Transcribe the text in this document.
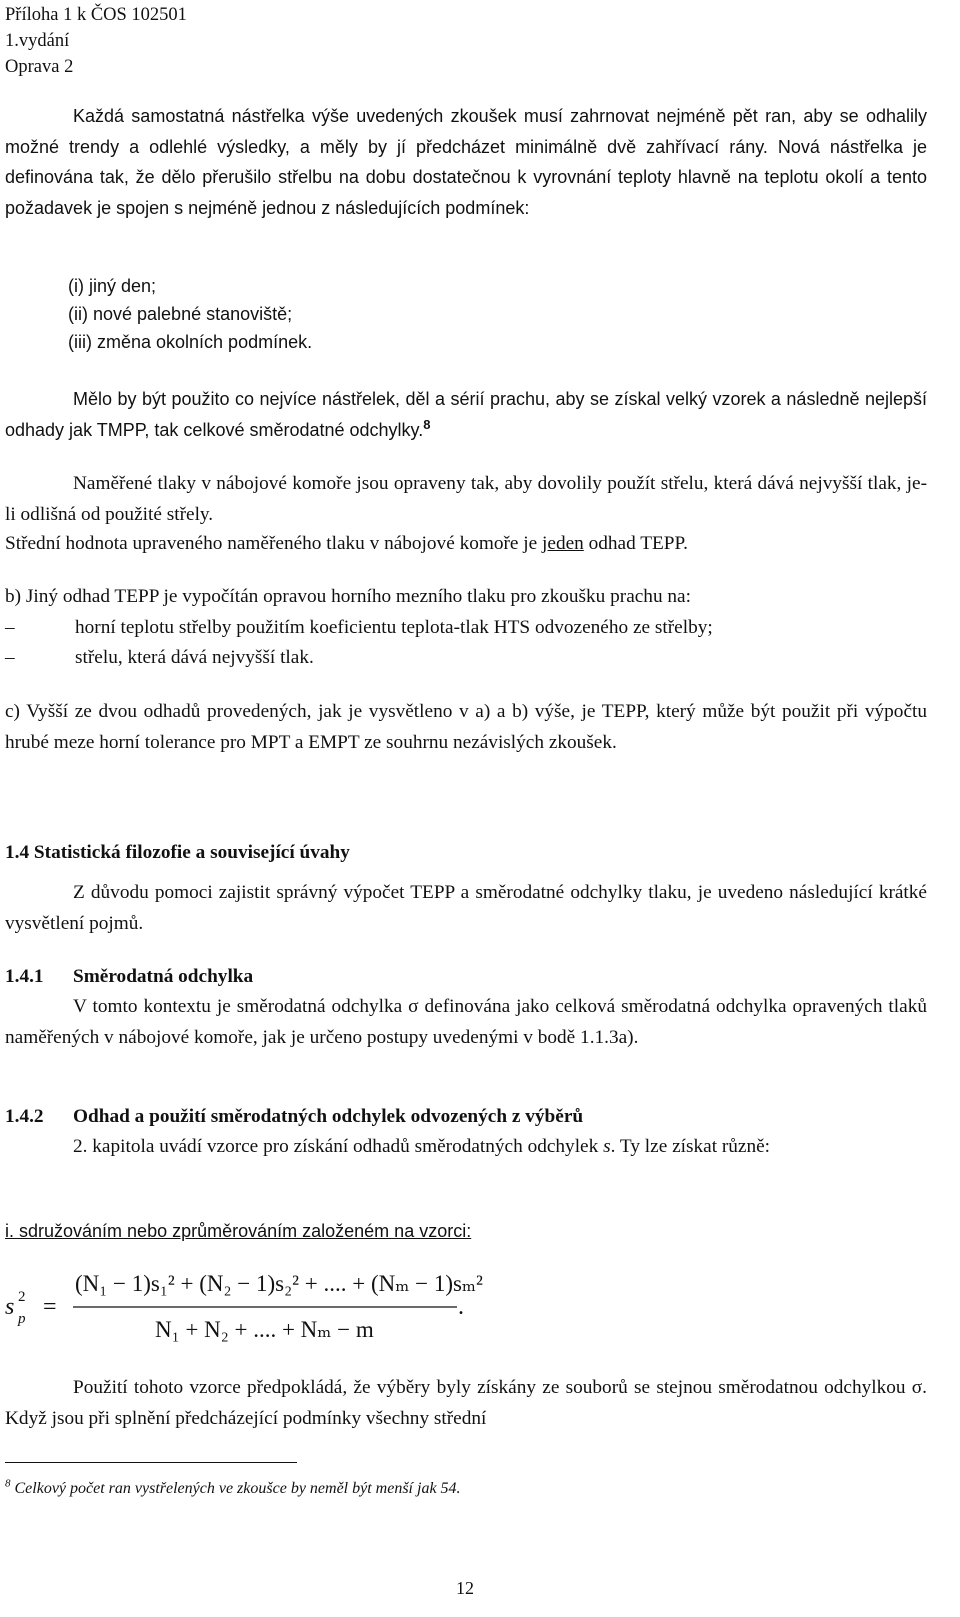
Příloha 1 k ČOS 102501
1.vydání
Oprava 2
Každá samostatná nástřelka výše uvedených zkoušek musí zahrnovat nejméně pět ran, aby se odhalily možné trendy a odlehlé výsledky, a měly by jí předcházet minimálně dvě zahřívací rány. Nová nástřelka je definována tak, že dělo přerušilo střelbu na dobu dostatečnou k vyrovnání teploty hlavně na teplotu okolí a tento požadavek je spojen s nejméně jednou z následujících podmínek:
(i) jiný den;
(ii) nové palebné stanoviště;
(iii) změna okolních podmínek.
Mělo by být použito co nejvíce nástřelek, děl a sérií prachu, aby se získal velký vzorek a následně nejlepší odhady jak TMPP, tak celkové směrodatné odchylky.$^8$
Naměřené tlaky v nábojové komoře jsou opraveny tak, aby dovolily použít střelu, která dává nejvyšší tlak, je-li odlišná od použité střely.
Střední hodnota upraveného naměřeného tlaku v nábojové komoře je jeden odhad TEPP.
b) Jiný odhad TEPP je vypočítán opravou horního mezního tlaku pro zkoušku prachu na:
–	horní teplotu střelby použitím koeficientu teplota-tlak HTS odvozeného ze střelby;
–	střelu, která dává nejvyšší tlak.
c) Vyšší ze dvou odhadů provedených, jak je vysvětleno v a) a b) výše, je TEPP, který může být použit při výpočtu hrubé meze horní tolerance pro MPT a EMPT ze souhrnu nezávislých zkoušek.
1.4 Statistická filozofie a související úvahy
Z důvodu pomoci zajistit správný výpočet TEPP a směrodatné odchylky tlaku, je uvedeno následující krátké vysvětlení pojmů.
1.4.1 Směrodatná odchylka
V tomto kontextu je směrodatná odchylka σ definována jako celková směrodatná odchylka opravených tlaků naměřených v nábojové komoře, jak je určeno postupy uvedenými v bodě 1.1.3a).
1.4.2 Odhad a použití směrodatných odchylek odvozených z výběrů
2. kapitola uvádí vzorce pro získání odhadů směrodatných odchylek s. Ty lze získat různě:
i. sdružováním nebo zprůměrováním založeném na vzorci:
s 2
p =
(N₁ − 1)s₁² + (N₂ − 1)s₂² + .... + (Nₘ − 1)sₘ²
N₁ + N₂ + .... + Nₘ − m
.
Použití tohoto vzorce předpokládá, že výběry byly získány ze souborů se stejnou směrodatnou odchylkou σ. Když jsou při splnění předcházející podmínky všechny střední
$^8$ Celkový počet ran vystřelených ve zkoušce by neměl být menší jak 54.
12
